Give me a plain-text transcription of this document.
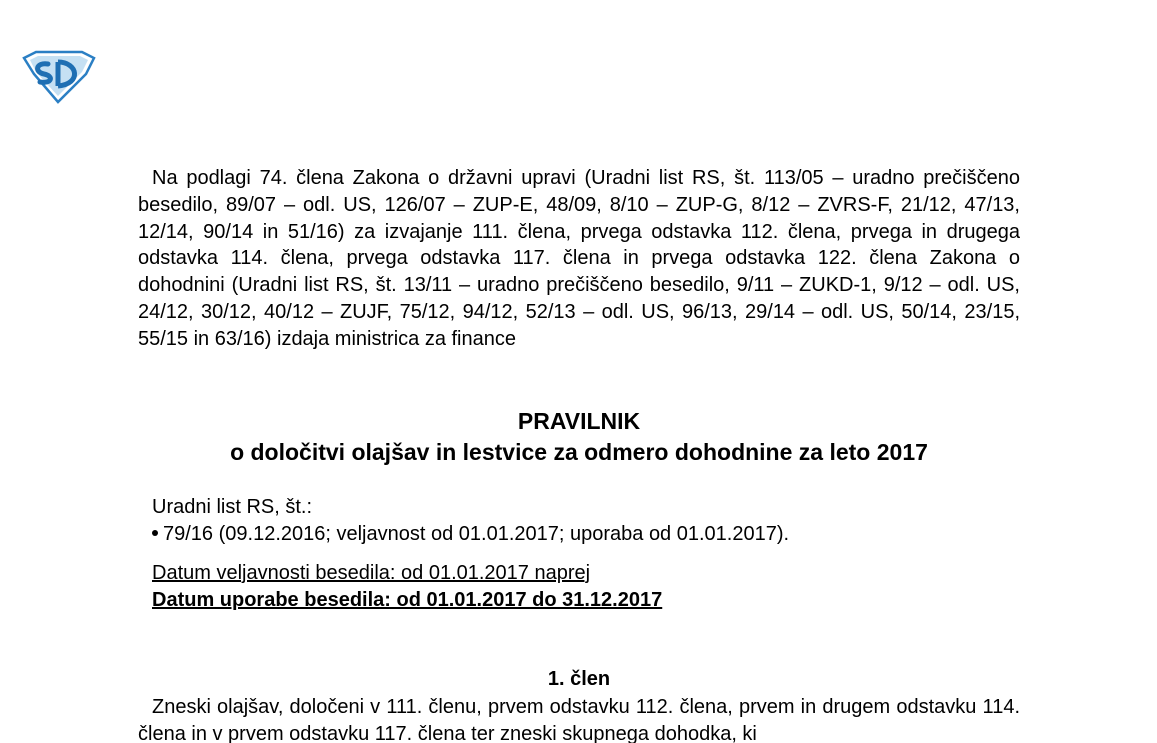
Na podlagi 74. člena Zakona o državni upravi (Uradni list RS, št. 113/05 – uradno prečiščeno besedilo, 89/07 – odl. US, 126/07 – ZUP-E, 48/09, 8/10 – ZUP-G, 8/12 – ZVRS-F, 21/12, 47/13, 12/14, 90/14 in 51/16) za izvajanje 111. člena, prvega odstavka 112. člena, prvega in drugega odstavka 114. člena, prvega odstavka 117. člena in prvega odstavka 122. člena Zakona o dohodnini (Uradni list RS, št. 13/11 – uradno prečiščeno besedilo, 9/11 – ZUKD-1, 9/12 – odl. US, 24/12, 30/12, 40/12 – ZUJF, 75/12, 94/12, 52/13 – odl. US, 96/13, 29/14 – odl. US, 50/14, 23/15, 55/15 in 63/16) izdaja ministrica za finance

PRAVILNIK
o določitvi olajšav in lestvice za odmero dohodnine za leto 2017

Uradni list RS, št.:

79/16 (09.12.2016; veljavnost od 01.01.2017; uporaba od 01.01.2017).

Datum veljavnosti besedila: od 01.01.2017 naprej

Datum uporabe besedila: od 01.01.2017 do 31.12.2017

1. člen

Zneski olajšav, določeni v 111. členu, prvem odstavku 112. člena, prvem in drugem odstavku 114. člena in v prvem odstavku 117. člena ter zneski skupnega dohodka, ki
